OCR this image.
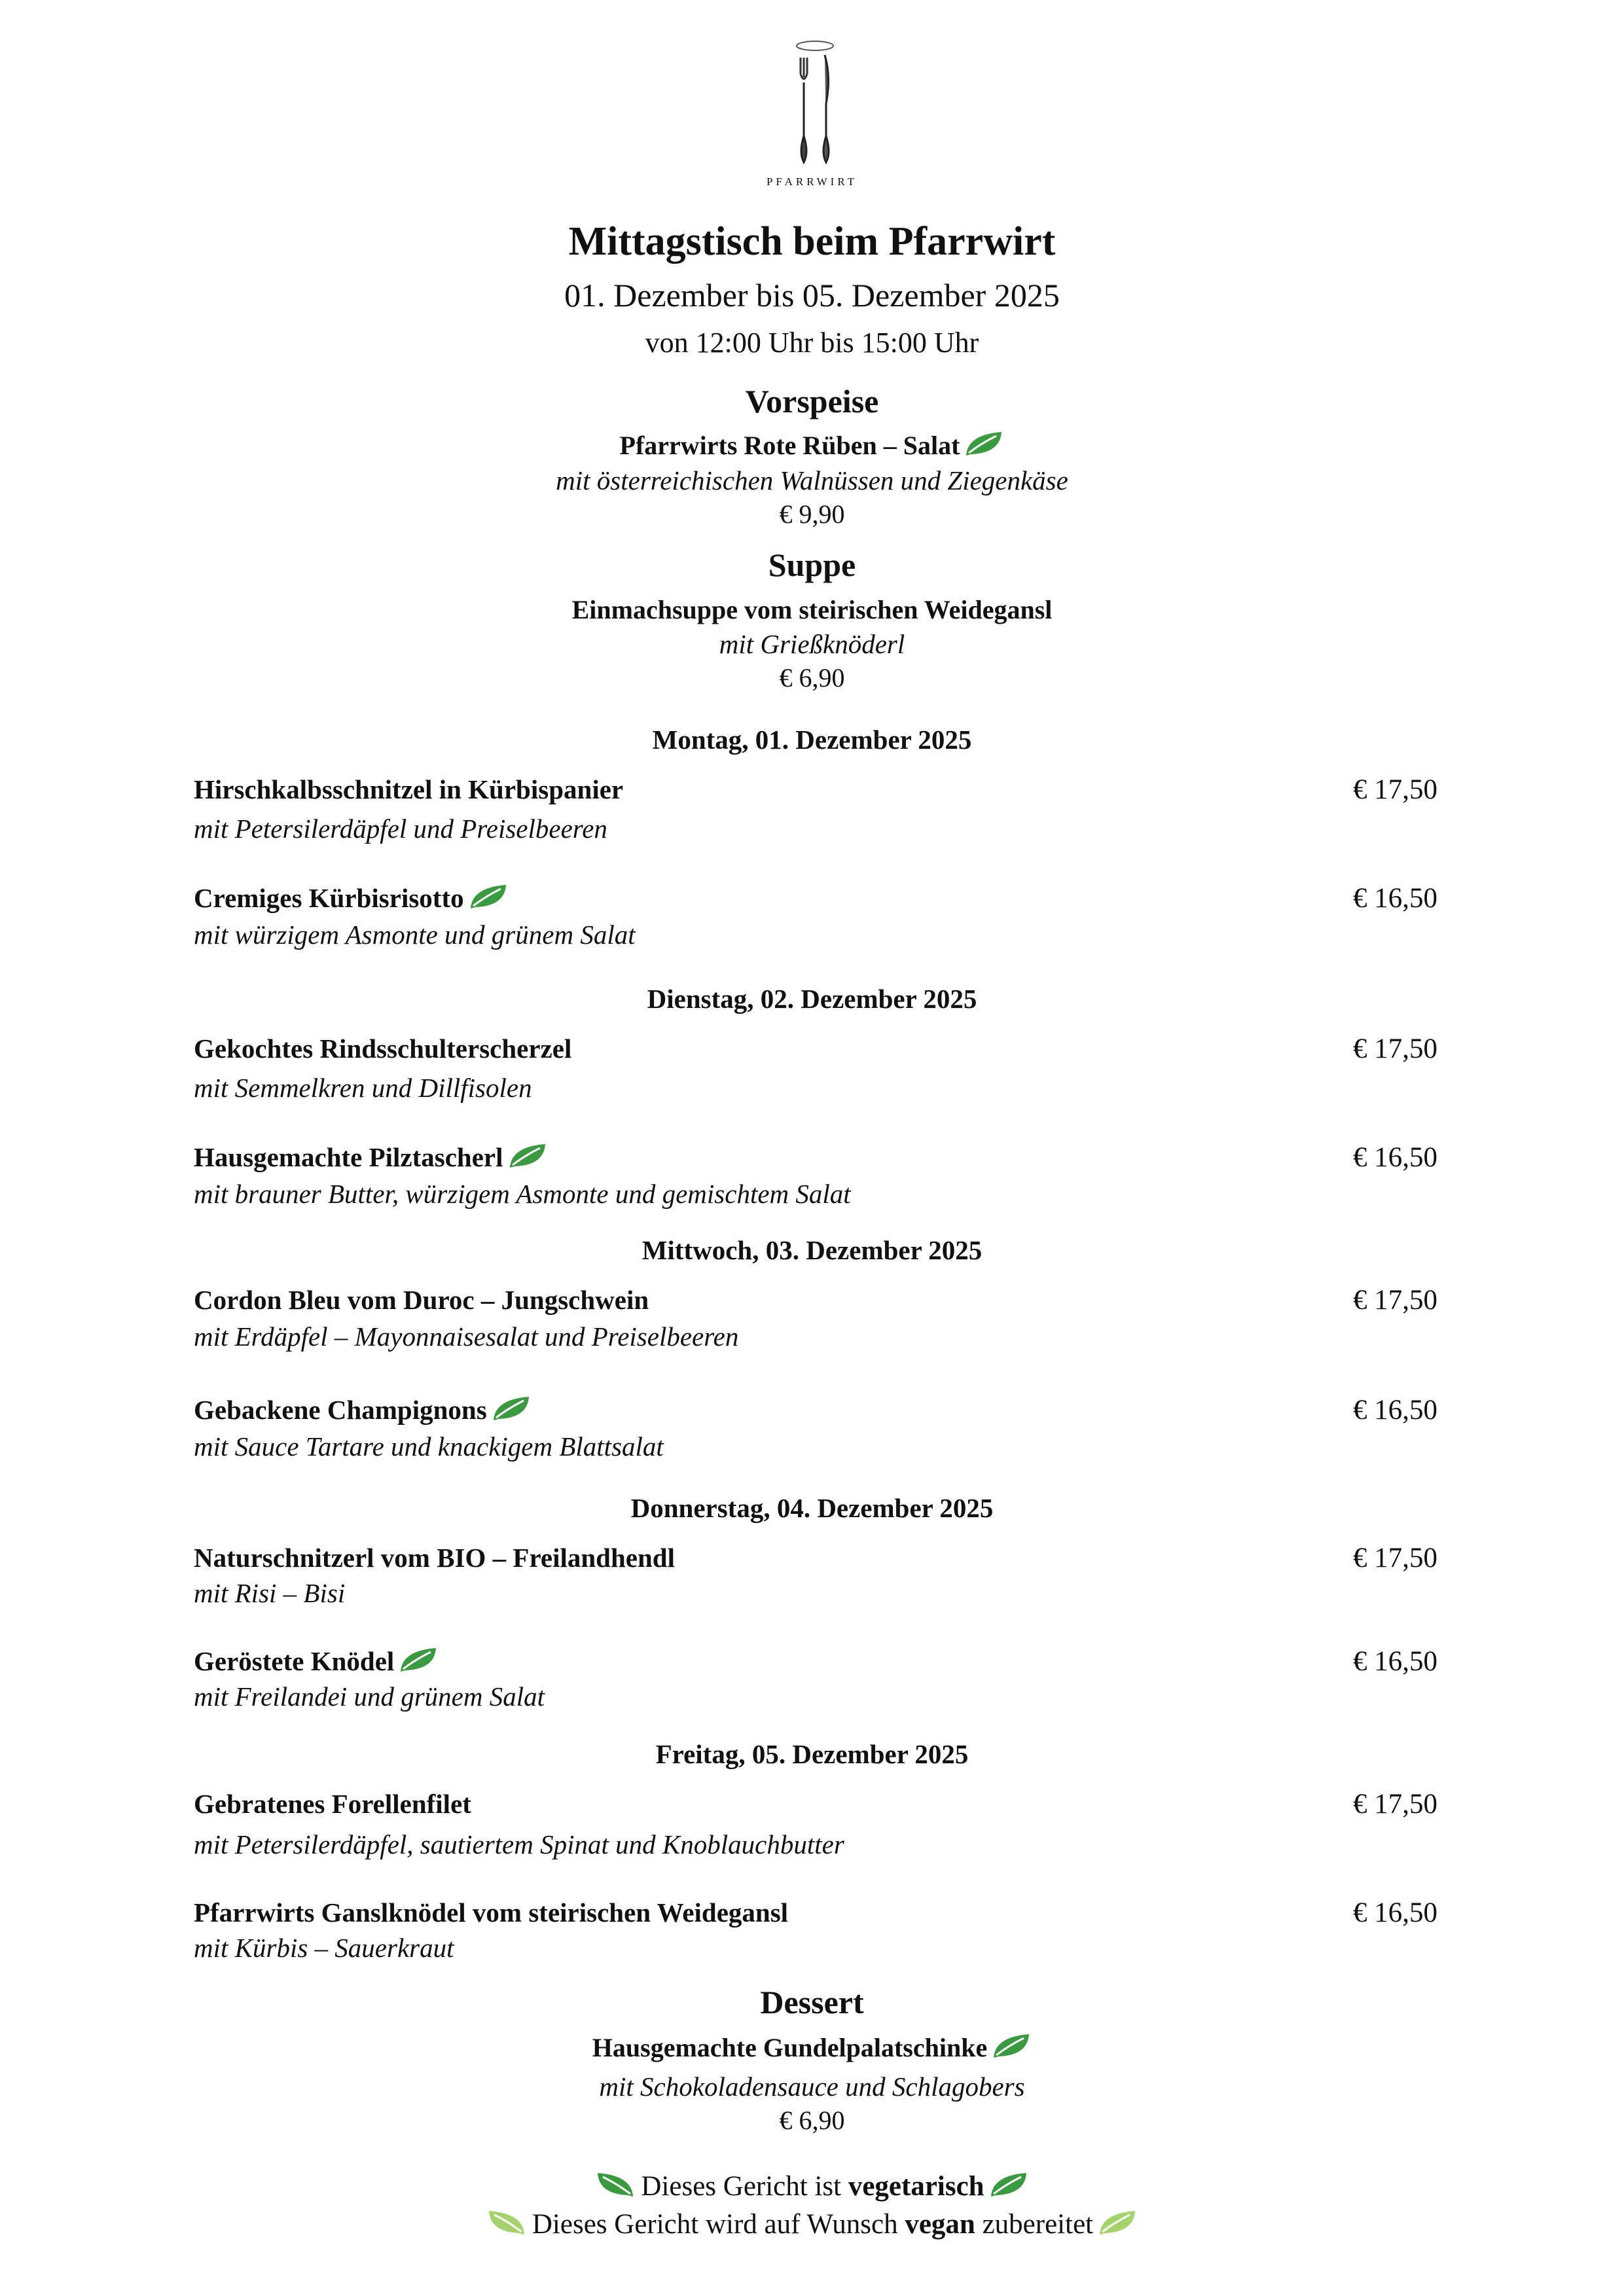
PFARRWIRT
Mittagstisch beim Pfarrwirt
01. Dezember bis 05. Dezember 2025
von 12:00 Uhr bis 15:00 Uhr
Vorspeise
Pfarrwirts Rote Rüben – Salat
mit österreichischen Walnüssen und Ziegenkäse
€ 9,90
Suppe
Einmachsuppe vom steirischen Weidegansl
mit Grießknöderl
€ 6,90
Montag, 01. Dezember 2025
Hirschkalbsschnitzel in Kürbispanier	€ 17,50
mit Petersilerdäpfel und Preiselbeeren
Cremiges Kürbisrisotto	€ 16,50
mit würzigem Asmonte und grünem Salat
Dienstag, 02. Dezember 2025
Gekochtes Rindsschulterscherzel	€ 17,50
mit Semmelkren und Dillfisolen
Hausgemachte Pilztascherl	€ 16,50
mit brauner Butter, würzigem Asmonte und gemischtem Salat
Mittwoch, 03. Dezember 2025
Cordon Bleu vom Duroc – Jungschwein	€ 17,50
mit Erdäpfel – Mayonnaisesalat und Preiselbeeren
Gebackene Champignons	€ 16,50
mit Sauce Tartare und knackigem Blattsalat
Donnerstag, 04. Dezember 2025
Naturschnitzerl vom BIO – Freilandhendl	€ 17,50
mit Risi – Bisi
Geröstete Knödel	€ 16,50
mit Freilandei und grünem Salat
Freitag, 05. Dezember 2025
Gebratenes Forellenfilet	€ 17,50
mit Petersilerdäpfel, sautiertem Spinat und Knoblauchbutter
Pfarrwirts Ganslknödel vom steirischen Weidegansl	€ 16,50
mit Kürbis – Sauerkraut
Dessert
Hausgemachte Gundelpalatschinke
mit Schokoladensauce und Schlagobers
€ 6,90
Dieses Gericht ist vegetarisch
Dieses Gericht wird auf Wunsch vegan zubereitet
